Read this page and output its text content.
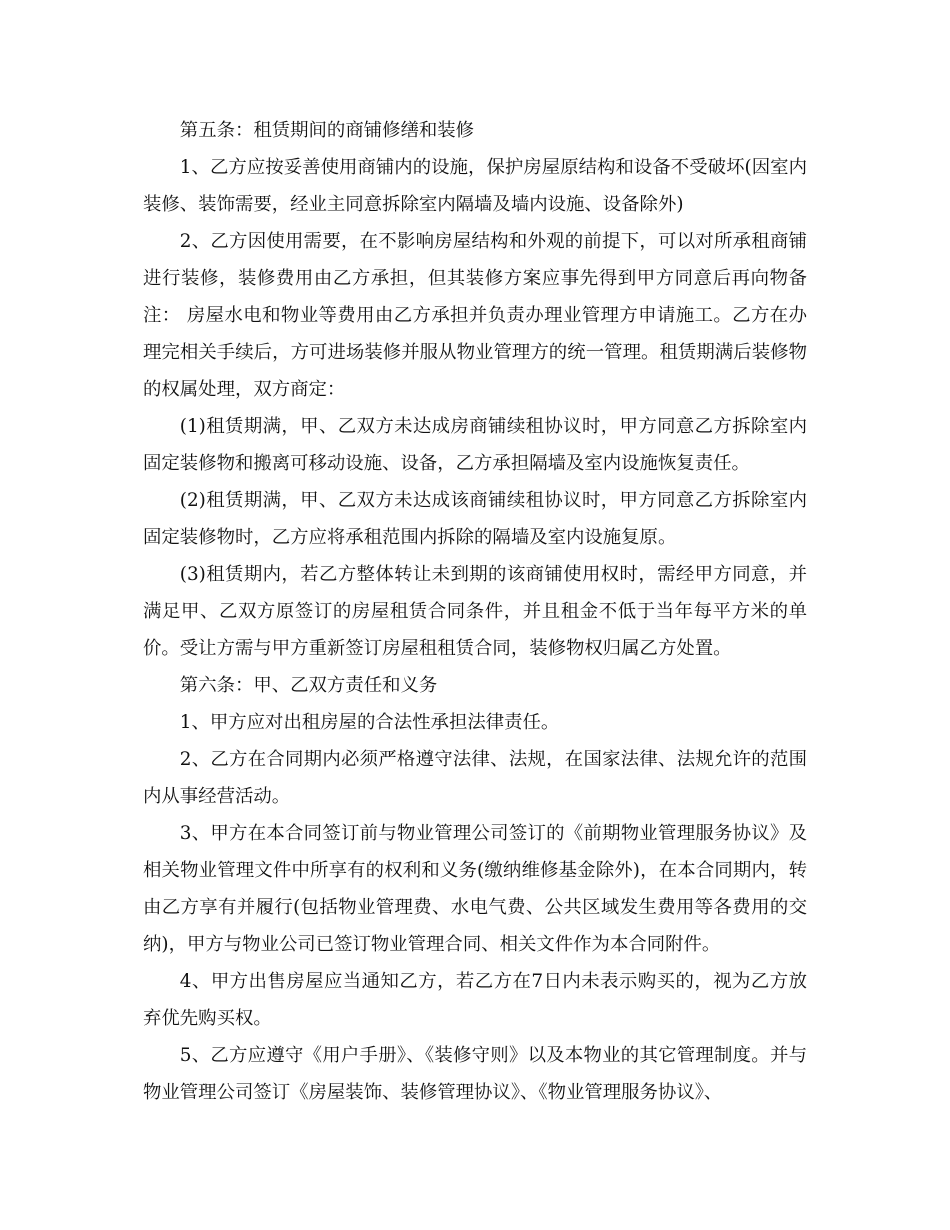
第五条：租赁期间的商铺修缮和装修

1、乙方应按妥善使用商铺内的设施，保护房屋原结构和设备不受破坏(因室内装修、装饰需要，经业主同意拆除室内隔墙及墙内设施、设备除外)

2、乙方因使用需要，在不影响房屋结构和外观的前提下，可以对所承租商铺进行装修，装修费用由乙方承担，但其装修方案应事先得到甲方同意后再向物备注： 房屋水电和物业等费用由乙方承担并负责办理业管理方申请施工。乙方在办理完相关手续后，方可进场装修并服从物业管理方的统一管理。租赁期满后装修物的权属处理，双方商定：

(1)租赁期满，甲、乙双方未达成房商铺续租协议时，甲方同意乙方拆除室内固定装修物和搬离可移动设施、设备，乙方承担隔墙及室内设施恢复责任。

(2)租赁期满，甲、乙双方未达成该商铺续租协议时，甲方同意乙方拆除室内固定装修物时，乙方应将承租范围内拆除的隔墙及室内设施复原。

(3)租赁期内，若乙方整体转让未到期的该商铺使用权时，需经甲方同意，并满足甲、乙双方原签订的房屋租赁合同条件，并且租金不低于当年每平方米的单价。受让方需与甲方重新签订房屋租租赁合同，装修物权归属乙方处置。

第六条：甲、乙双方责任和义务

1、甲方应对出租房屋的合法性承担法律责任。

2、乙方在合同期内必须严格遵守法律、法规，在国家法律、法规允许的范围内从事经营活动。

3、甲方在本合同签订前与物业管理公司签订的《前期物业管理服务协议》及相关物业管理文件中所享有的权利和义务(缴纳维修基金除外)，在本合同期内，转由乙方享有并履行(包括物业管理费、水电气费、公共区域发生费用等各费用的交纳)，甲方与物业公司已签订物业管理合同、相关文件作为本合同附件。

4、甲方出售房屋应当通知乙方，若乙方在7日内未表示购买的，视为乙方放弃优先购买权。

5、乙方应遵守《用户手册》、《装修守则》以及本物业的其它管理制度。并与物业管理公司签订《房屋装饰、装修管理协议》、《物业管理服务协议》、
